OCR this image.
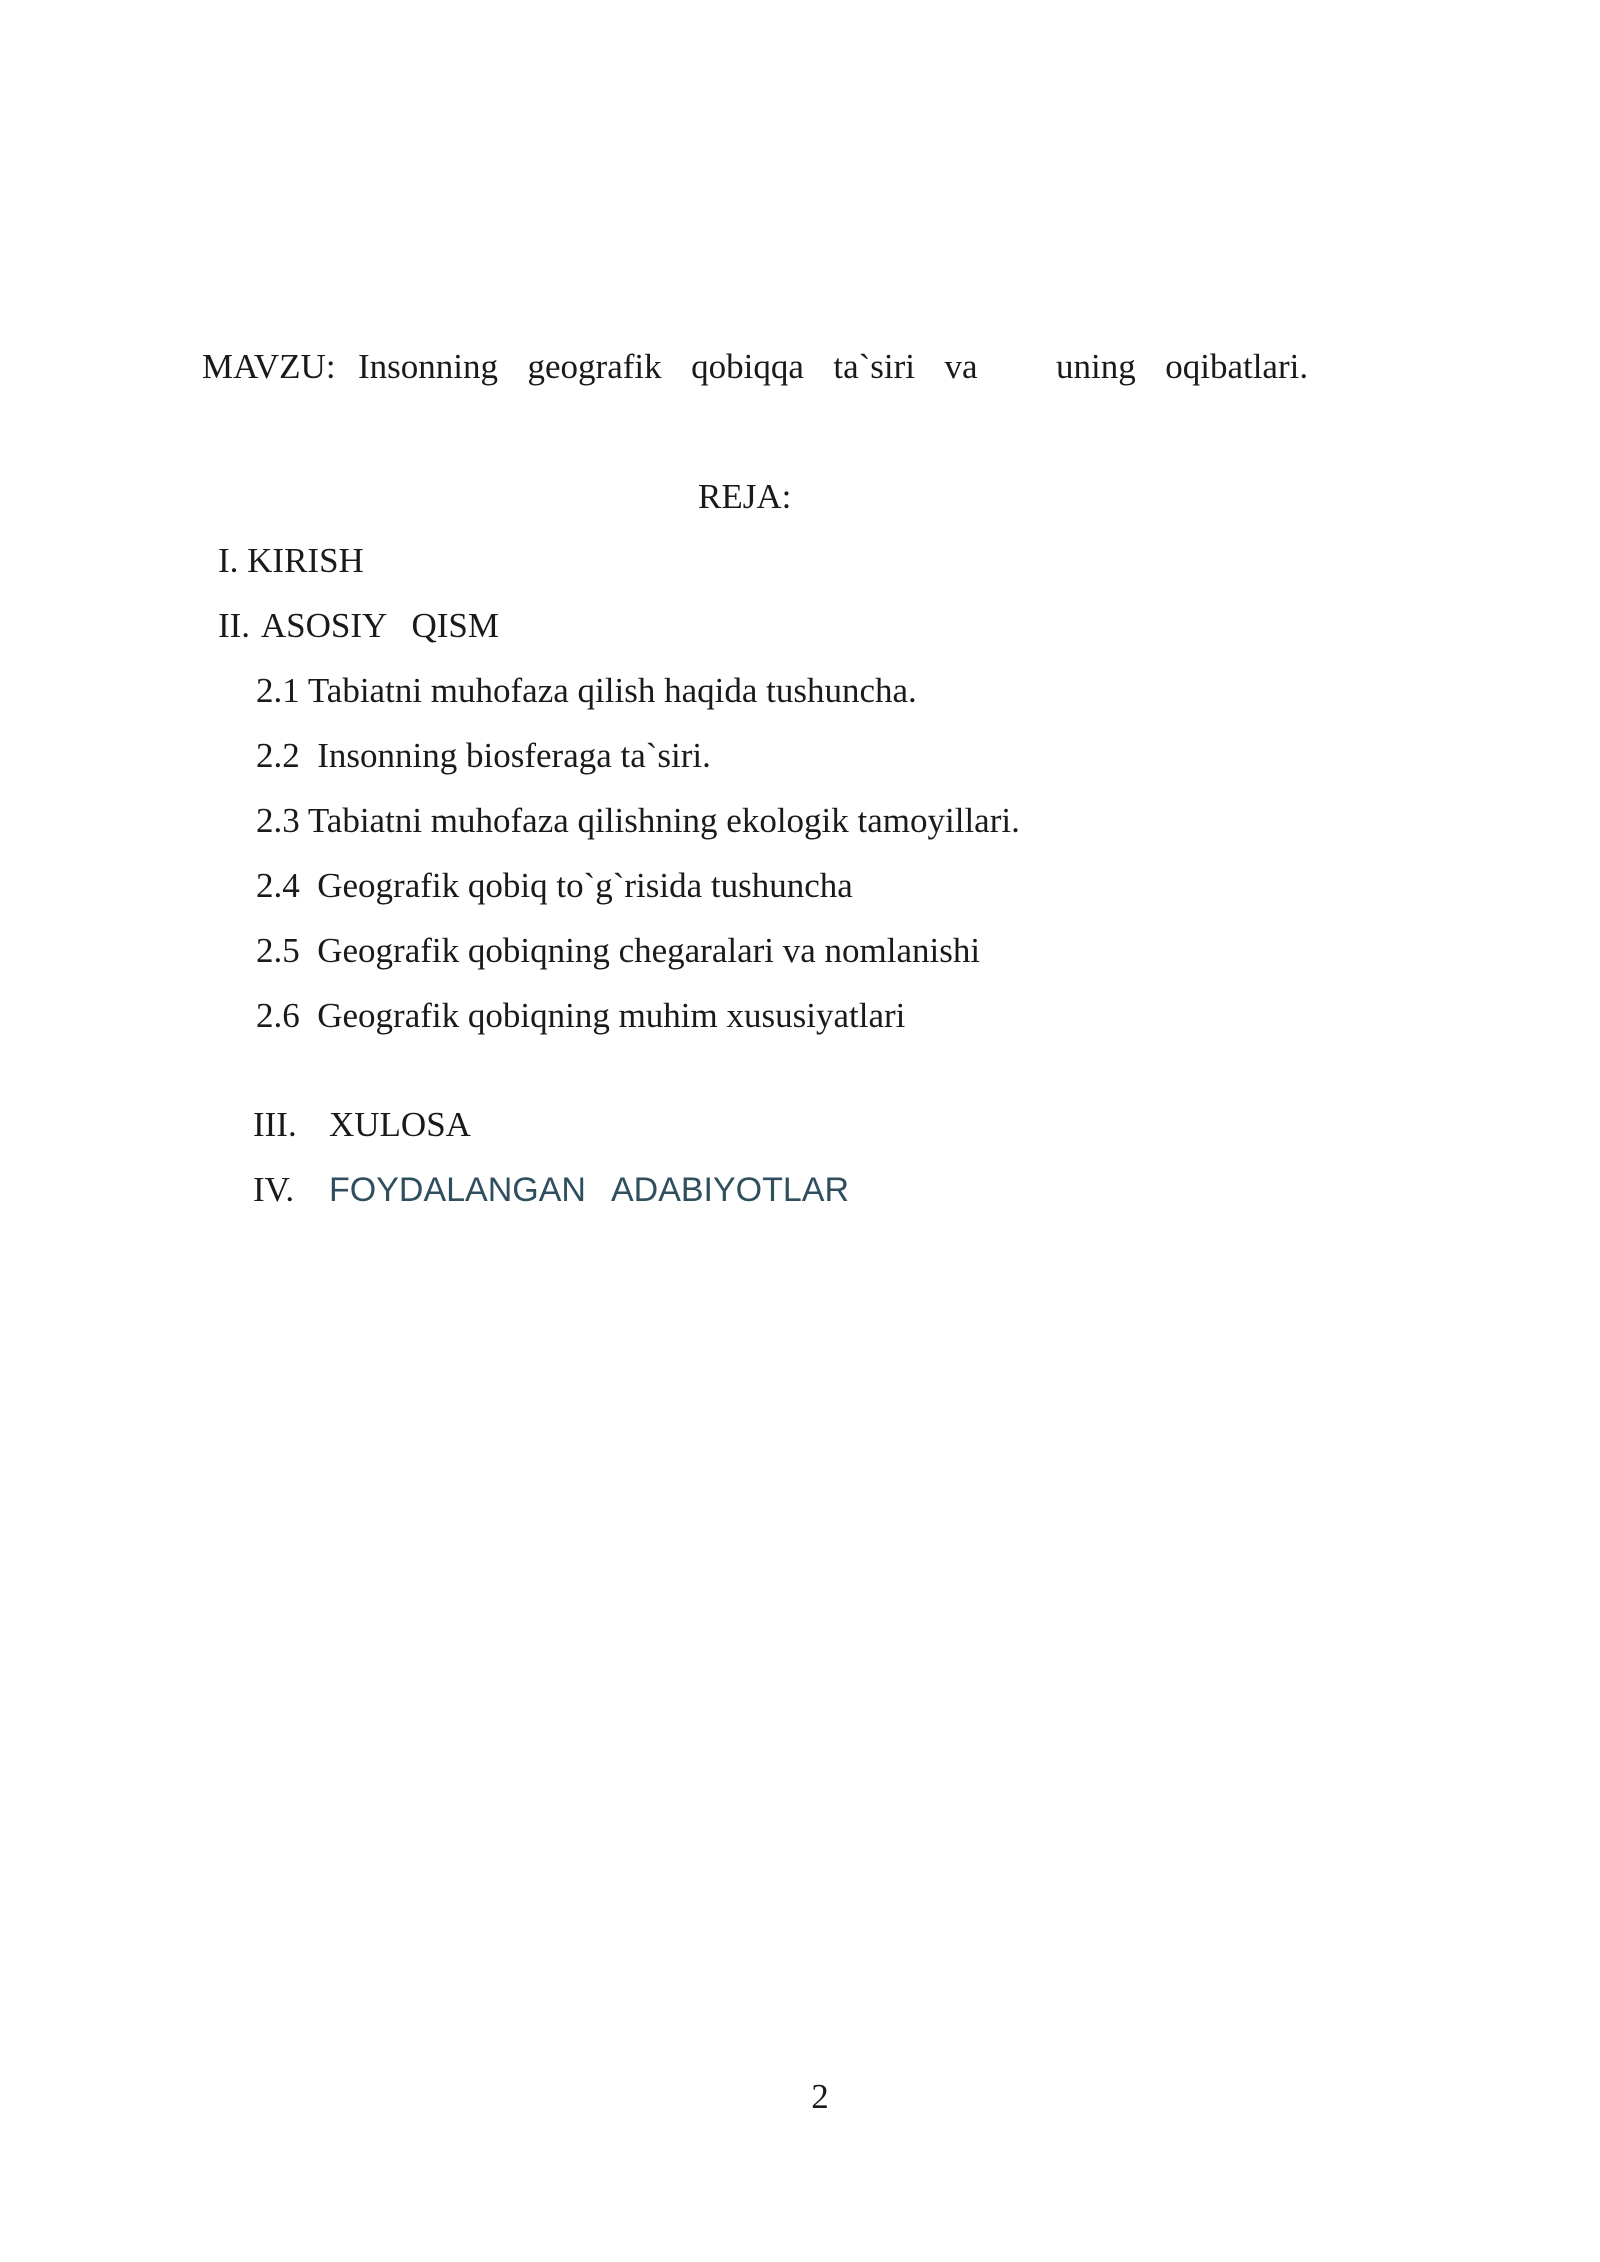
MAVZU: Insonning  geografik  qobiqqa  ta`siri  va uning  oqibatlari.
REJA:
I. KIRISH
II. ASOSIY  QISM
2.1 Tabiatni muhofaza qilish haqida tushuncha.
2.2  Insonning biosferaga ta`siri.
2.3 Tabiatni muhofaza qilishning ekologik tamoyillari.
2.4  Geografik qobiq to`g`risida tushuncha
2.5  Geografik qobiqning chegaralari va nomlanishi
2.6  Geografik qobiqning muhim xususiyatlari

III. XULOSA

IV. FOYDALANGAN  ADABIYOTLAR

2
